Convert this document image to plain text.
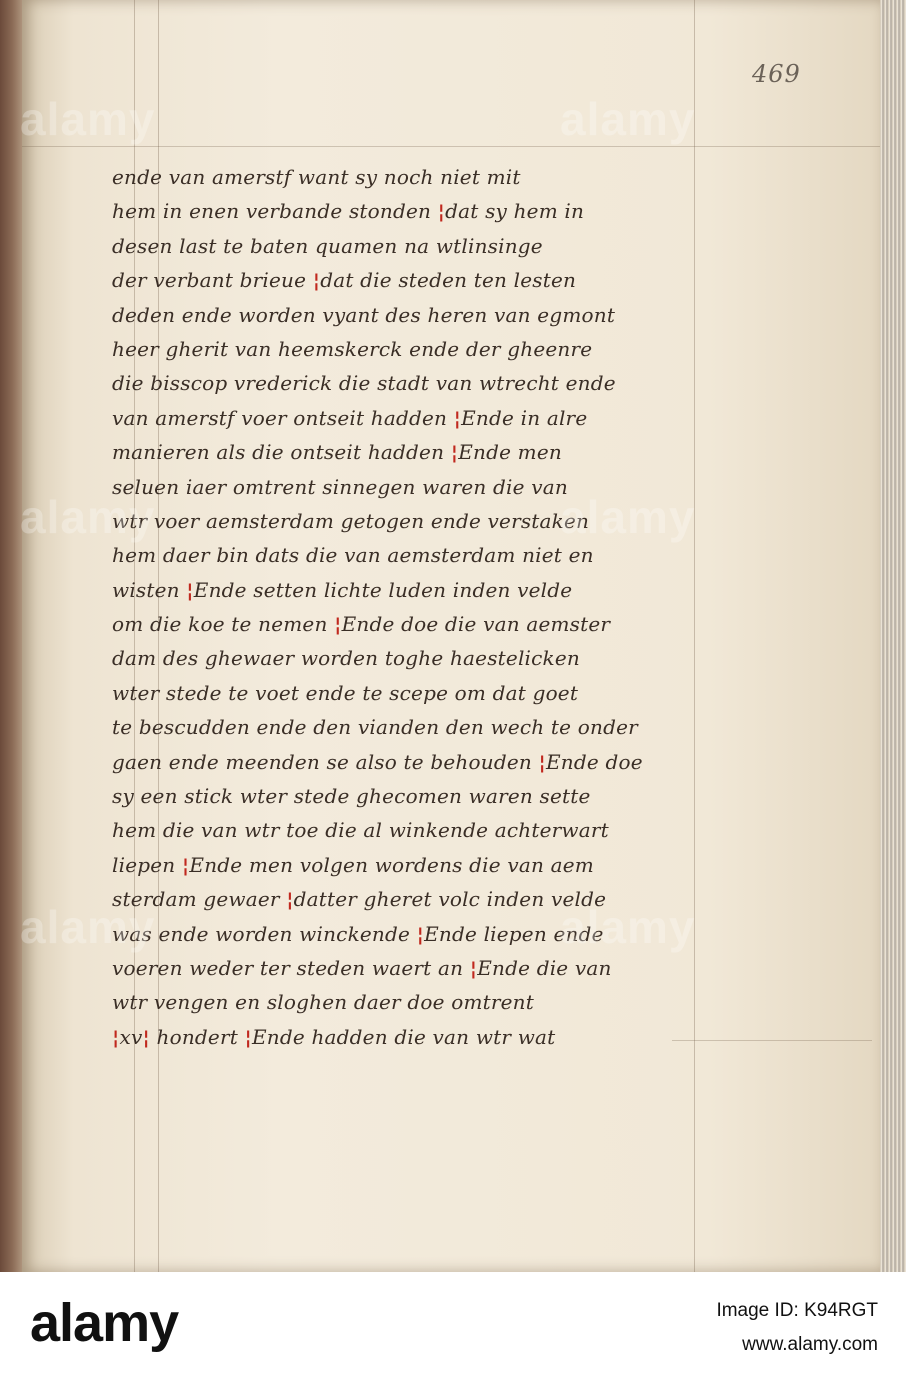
469
ende van amerstf want sy noch niet mit
hem in enen verbande stonden ¦dat sy hem in
desen last te baten quamen na wtlinsinge
der verbant brieue ¦dat die steden ten lesten
deden ende worden vyant des heren van egmont
heer gherit van heemskerck ende der gheenre
die bisscop vrederick die stadt van wtrecht ende
van amerstf voer ontseit hadden ¦Ende in alre
manieren als die ontseit hadden ¦Ende men
seluen iaer omtrent sinnegen waren die van
wtr voer aemsterdam getogen ende verstaken
hem daer bin dats die van aemsterdam niet en
wisten ¦Ende setten lichte luden inden velde
om die koe te nemen ¦Ende doe die van aemster
dam des ghewaer worden toghe haestelicken
wter stede te voet ende te scepe om dat goet
te bescudden ende den vianden den wech te onder
gaen ende meenden se also te behouden ¦Ende doe
sy een stick wter stede ghecomen waren sette
hem die van wtr toe die al winkende achterwart
liepen ¦Ende men volgen wordens die van aem
sterdam gewaer ¦datter gheret volc inden velde
was ende worden winckende ¦Ende liepen ende
voeren weder ter steden waert an ¦Ende die van
wtr vengen en sloghen daer doe omtrent
¦xv¦ hondert ¦Ende hadden die van wtr wat
alamy	alamy
alamy	alamy
alamy	alamy
alamy	Image ID: K94RGT
www.alamy.com
